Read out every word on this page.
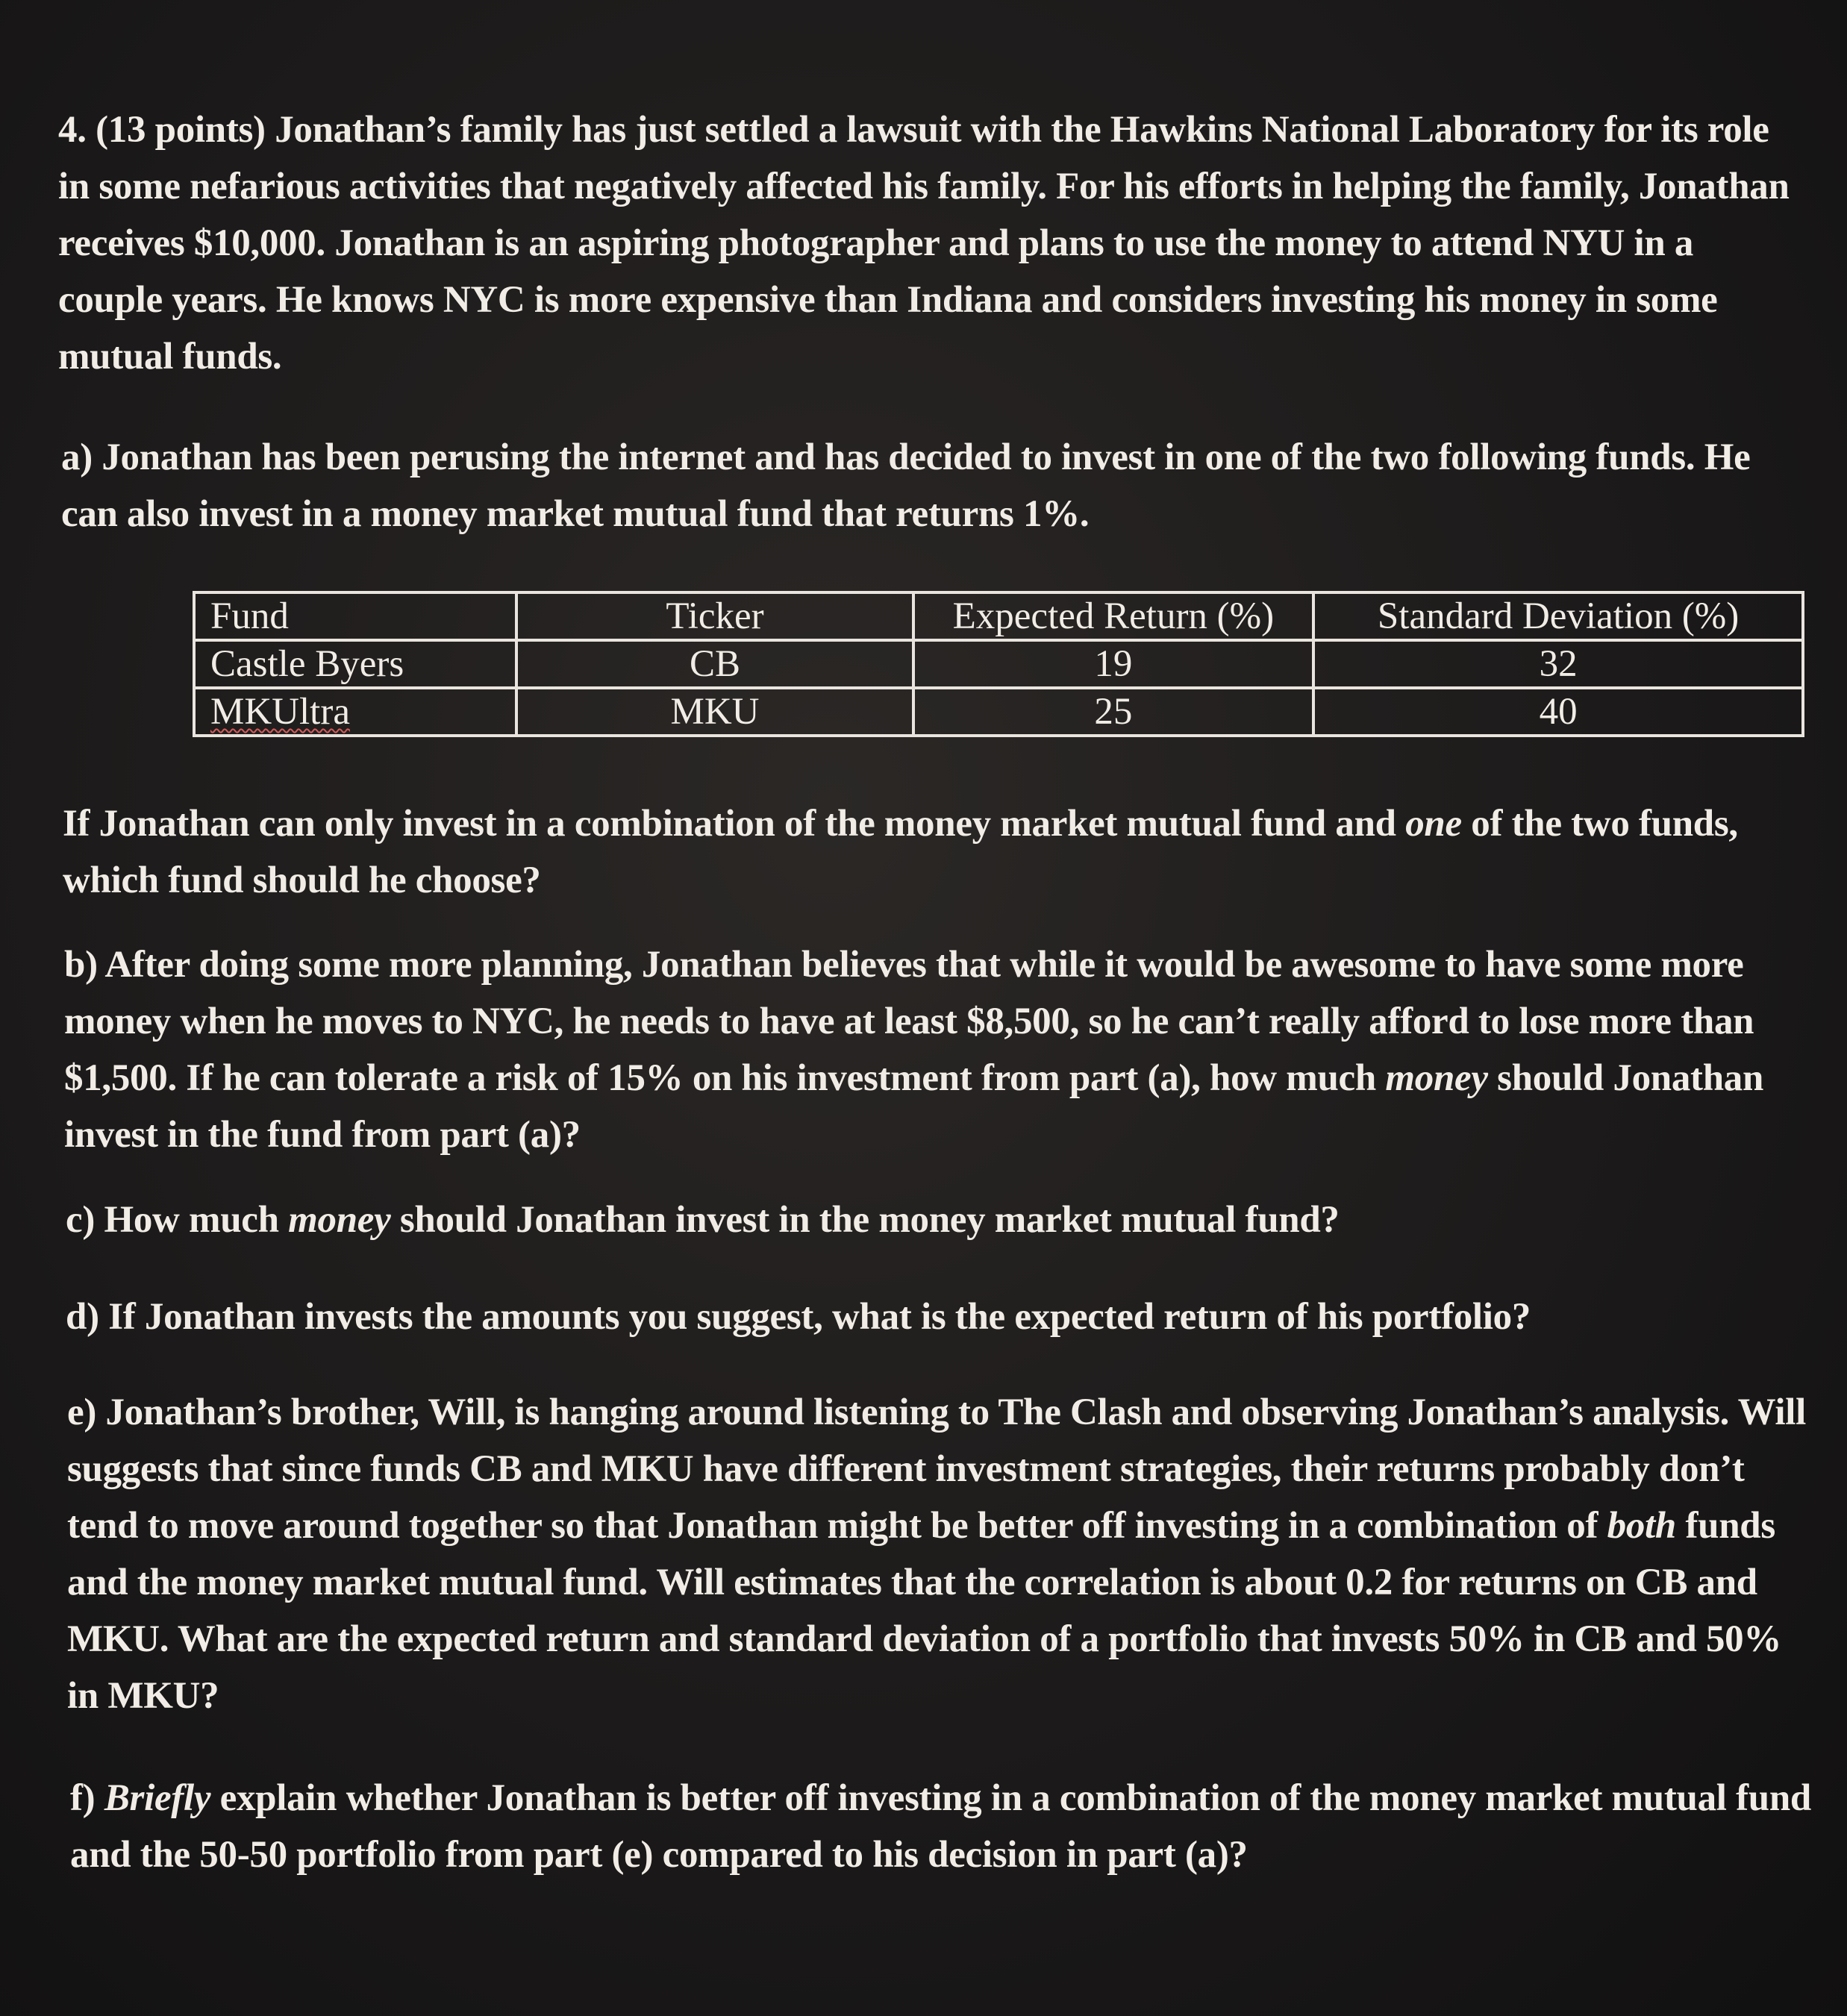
4. (13 points) Jonathan’s family has just settled a lawsuit with the Hawkins National Laboratory for its role in some nefarious activities that negatively affected his family. For his efforts in helping the family, Jonathan receives $10,000. Jonathan is an aspiring photographer and plans to use the money to attend NYU in a couple years. He knows NYC is more expensive than Indiana and considers investing his money in some mutual funds.

a) Jonathan has been perusing the internet and has decided to invest in one of the two following funds. He can also invest in a money market mutual fund that returns 1%.

Fund	Ticker	Expected Return (%)	Standard Deviation (%)
Castle Byers	CB	19	32
MKUltra	MKU	25	40

If Jonathan can only invest in a combination of the money market mutual fund and one of the two funds, which fund should he choose?

b) After doing some more planning, Jonathan believes that while it would be awesome to have some more money when he moves to NYC, he needs to have at least $8,500, so he can’t really afford to lose more than $1,500. If he can tolerate a risk of 15% on his investment from part (a), how much money should Jonathan invest in the fund from part (a)?

c) How much money should Jonathan invest in the money market mutual fund?

d) If Jonathan invests the amounts you suggest, what is the expected return of his portfolio?

e) Jonathan’s brother, Will, is hanging around listening to The Clash and observing Jonathan’s analysis. Will suggests that since funds CB and MKU have different investment strategies, their returns probably don’t tend to move around together so that Jonathan might be better off investing in a combination of both funds and the money market mutual fund. Will estimates that the correlation is about 0.2 for returns on CB and MKU. What are the expected return and standard deviation of a portfolio that invests 50% in CB and 50% in MKU?

f) Briefly explain whether Jonathan is better off investing in a combination of the money market mutual fund and the 50-50 portfolio from part (e) compared to his decision in part (a)?
